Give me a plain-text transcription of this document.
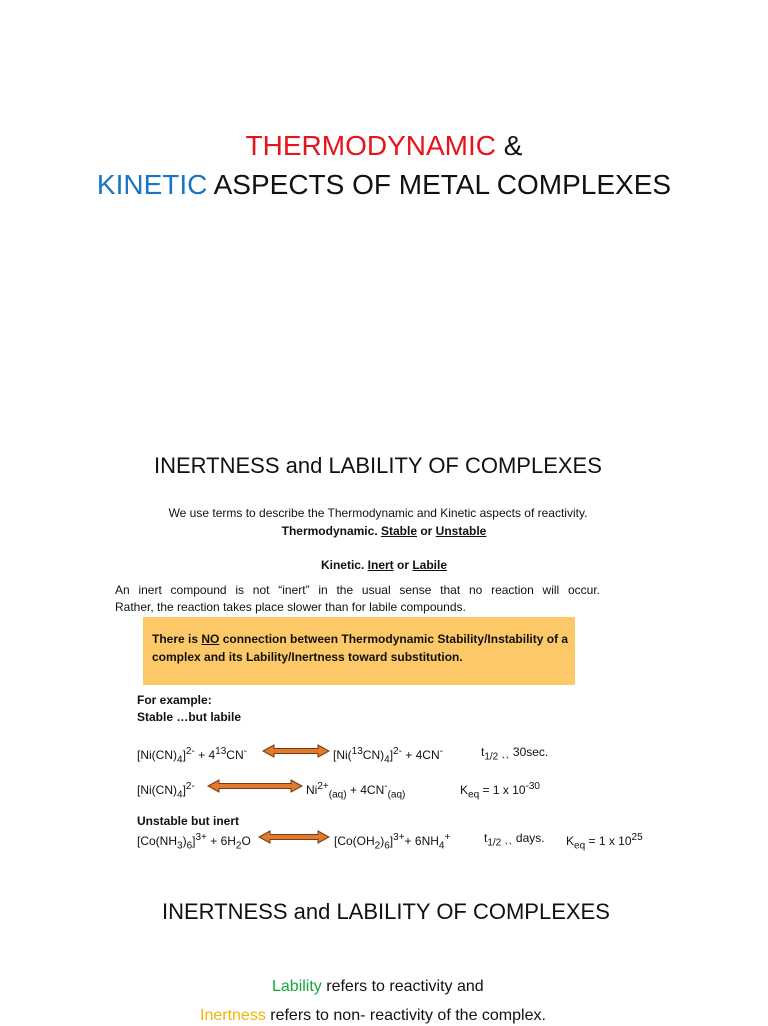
THERMODYNAMIC &
KINETIC ASPECTS OF METAL COMPLEXES
INERTNESS and LABILITY OF COMPLEXES
We use terms to describe the Thermodynamic and Kinetic aspects of reactivity.
Thermodynamic. Stable or Unstable
Kinetic. Inert or Labile
An inert compound is not “inert” in the usual sense that no reaction will occur.
Rather, the reaction takes place slower than for labile compounds.
There is NO connection between Thermodynamic Stability/Instability of a complex and its Lability/Inertness toward substitution.
For example:
Stable …but labile
$[Ni(CN)_4]^{2-} + 4^{13}CN^-$	$[Ni(^{13}CN)_4]^{2-} + 4CN^-$	$t_{1/2}$ ˎˎ 30sec.
$[Ni(CN)_4]^{2-}$	$Ni^{2+}_{(aq)} + 4CN^-_{(aq)}$	$K_{eq} = 1$ x $10^{-30}$
Unstable but inert
$[Co(NH_3)_6]^{3+} + 6H_2O$	$[Co(OH_2)_6]^{3+}+ 6NH_4^+$	$t_{1/2}$ ˎˎ days. $K_{eq} = 1$ x $10^{25}$
INERTNESS and LABILITY OF COMPLEXES
Lability refers to reactivity and
Inertness refers to non- reactivity of the complex.
